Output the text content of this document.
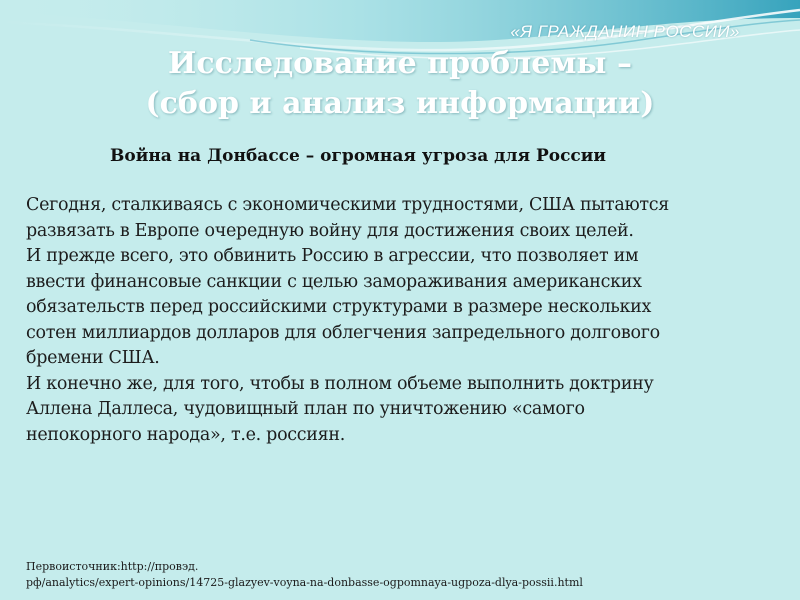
«Я ГРАЖДАНИН РОССИИ»
Исследование проблемы –
(сбор и анализ информации)
Война на Донбассе – огромная угроза для России

Сегодня, сталкиваясь с экономическими трудностями, США пытаются

развязать в Европе очередную войну для достижения своих целей.

И прежде всего, это обвинить Россию в агрессии, что позволяет им

ввести финансовые санкции с целью замораживания американских

обязательств перед российскими структурами в размере нескольких

сотен миллиардов долларов для облегчения запредельного долгового

бремени США.

И конечно же, для того, чтобы в полном объеме выполнить доктрину

Аллена Даллеса, чудовищный план по уничтожению «самого

непокорного народа», т.е. россиян.

Первоисточник:http://провэд.
рф/analytics/expert-opinions/14725-glazyev-voyna-na-donbasse-ogpomnaya-ugpoza-dlya-possii.html
